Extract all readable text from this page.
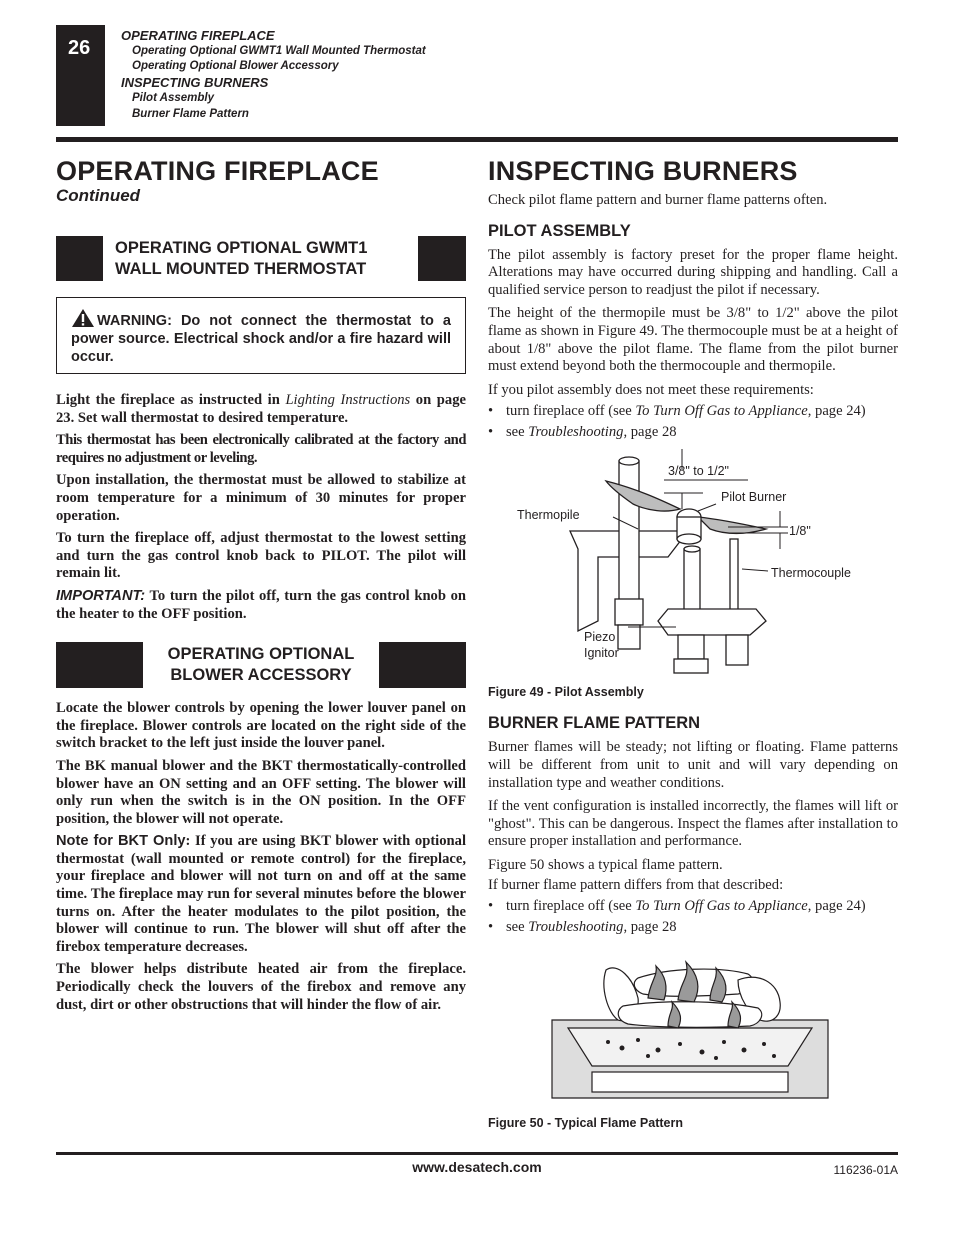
26
OPERATING FIREPLACE
Operating Optional GWMT1 Wall Mounted Thermostat
Operating Optional Blower Accessory
INSPECTING BURNERS
Pilot Assembly
Burner Flame Pattern
OPERATING FIREPLACE
Continued
OPERATING OPTIONAL GWMT1
WALL MOUNTED THERMOSTAT
WARNING: Do not connect the thermostat to a power source. Electrical shock and/or a fire hazard will occur.

Light the fireplace as instructed in Lighting Instructions on page 23. Set wall thermostat to desired temperature.

This thermostat has been electronically calibrated at the factory and requires no adjustment or leveling.

Upon installation, the thermostat must be allowed to stabilize at room temperature for a minimum of 30 minutes for proper operation.

To turn the fireplace off, adjust thermostat to the lowest setting and turn the gas control knob back to PILOT. The pilot will remain lit.

IMPORTANT: To turn the pilot off, turn the gas control knob on the heater to the OFF position.

OPERATING OPTIONAL
BLOWER ACCESSORY

Locate the blower controls by opening the lower louver panel on the fireplace. Blower controls are located on the right side of the switch bracket to the left just inside the louver panel.

The BK manual blower and the BKT thermostatically-controlled blower have an ON setting and an OFF setting. The blower will only run when the switch is in the ON position. In the OFF position, the blower will not operate.

Note for BKT Only: If you are using BKT blower with optional thermostat (wall mounted or remote control) for the fireplace, your fireplace and blower will not turn on and off at the same time. The fireplace may run for several minutes before the blower turns on. After the heater modulates to the pilot position, the blower will continue to run. The blower will shut off after the firebox temperature decreases.

The blower helps distribute heated air from the fireplace. Periodically check the louvers of the firebox and remove any dust, dirt or other obstructions that will hinder the flow of air.

INSPECTING BURNERS

Check pilot flame pattern and burner flame patterns often.

PILOT ASSEMBLY

The pilot assembly is factory preset for the proper flame height. Alterations may have occurred during shipping and handling. Call a qualified service person to readjust the pilot if necessary.

The height of the thermopile must be 3/8" to 1/2" above the pilot flame as shown in Figure 49. The thermocouple must be at a height of about 1/8" above the pilot flame. The flame from the pilot burner must extend beyond both the thermocouple and thermopile.

If you pilot assembly does not meet these requirements:

• turn fireplace off (see To Turn Off Gas to Appliance, page 24)
• see Troubleshooting, page 28
3/8" to 1/2"
Pilot Burner
Thermopile
1/8"
Thermocouple
Piezo
Ignitor
Figure 49 - Pilot Assembly
BURNER FLAME PATTERN

Burner flames will be steady; not lifting or floating. Flame patterns will be different from unit to unit and will vary depending on installation type and weather conditions.

If the vent configuration is installed incorrectly, the flames will lift or "ghost". This can be dangerous. Inspect the flames after installation to ensure proper installation and performance.

Figure 50 shows a typical flame pattern.

If burner flame pattern differs from that described:

• turn fireplace off (see To Turn Off Gas to Appliance, page 24)
• see Troubleshooting, page 28
Figure 50 - Typical Flame Pattern
www.desatech.com	116236-01A
